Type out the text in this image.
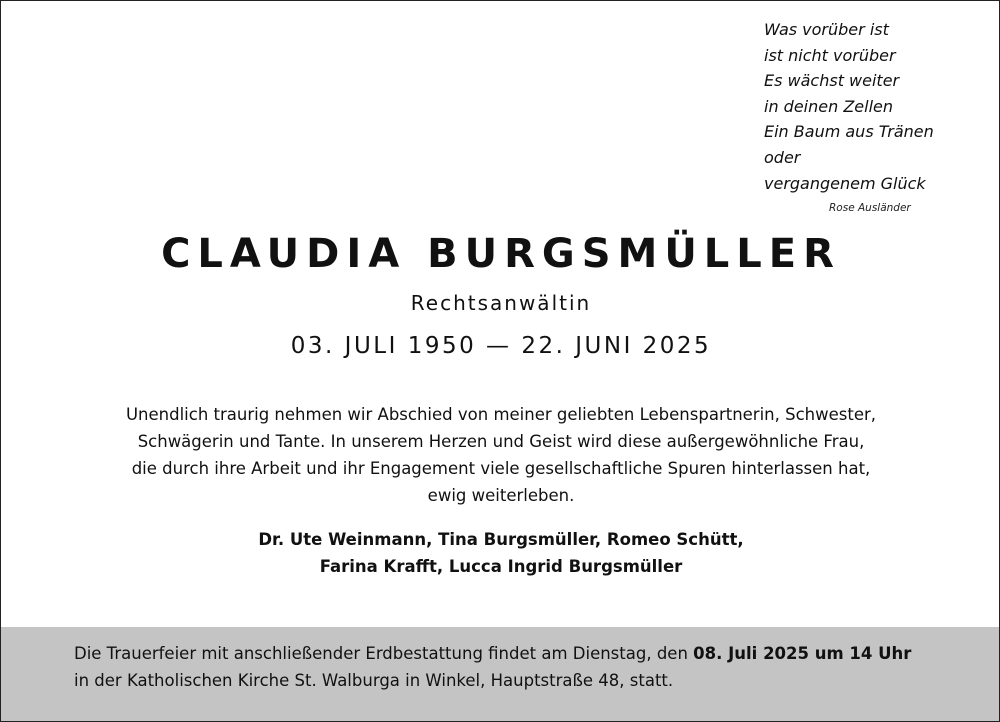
Was vorüber ist
ist nicht vorüber
Es wächst weiter
in deinen Zellen
Ein Baum aus Tränen
oder
vergangenem Glück
Rose Ausländer
CLAUDIA BURGSMÜLLER
Rechtsanwältin
03. JULI 1950 — 22. JUNI 2025
Unendlich traurig nehmen wir Abschied von meiner geliebten Lebenspartnerin, Schwester,
Schwägerin und Tante. In unserem Herzen und Geist wird diese außergewöhnliche Frau,
die durch ihre Arbeit und ihr Engagement viele gesellschaftliche Spuren hinterlassen hat,
ewig weiterleben.
Dr. Ute Weinmann, Tina Burgsmüller, Romeo Schütt,
Farina Krafft, Lucca Ingrid Burgsmüller
Die Trauerfeier mit anschließender Erdbestattung findet am Dienstag, den 08. Juli 2025 um 14 Uhr
in der Katholischen Kirche St. Walburga in Winkel, Hauptstraße 48, statt.
